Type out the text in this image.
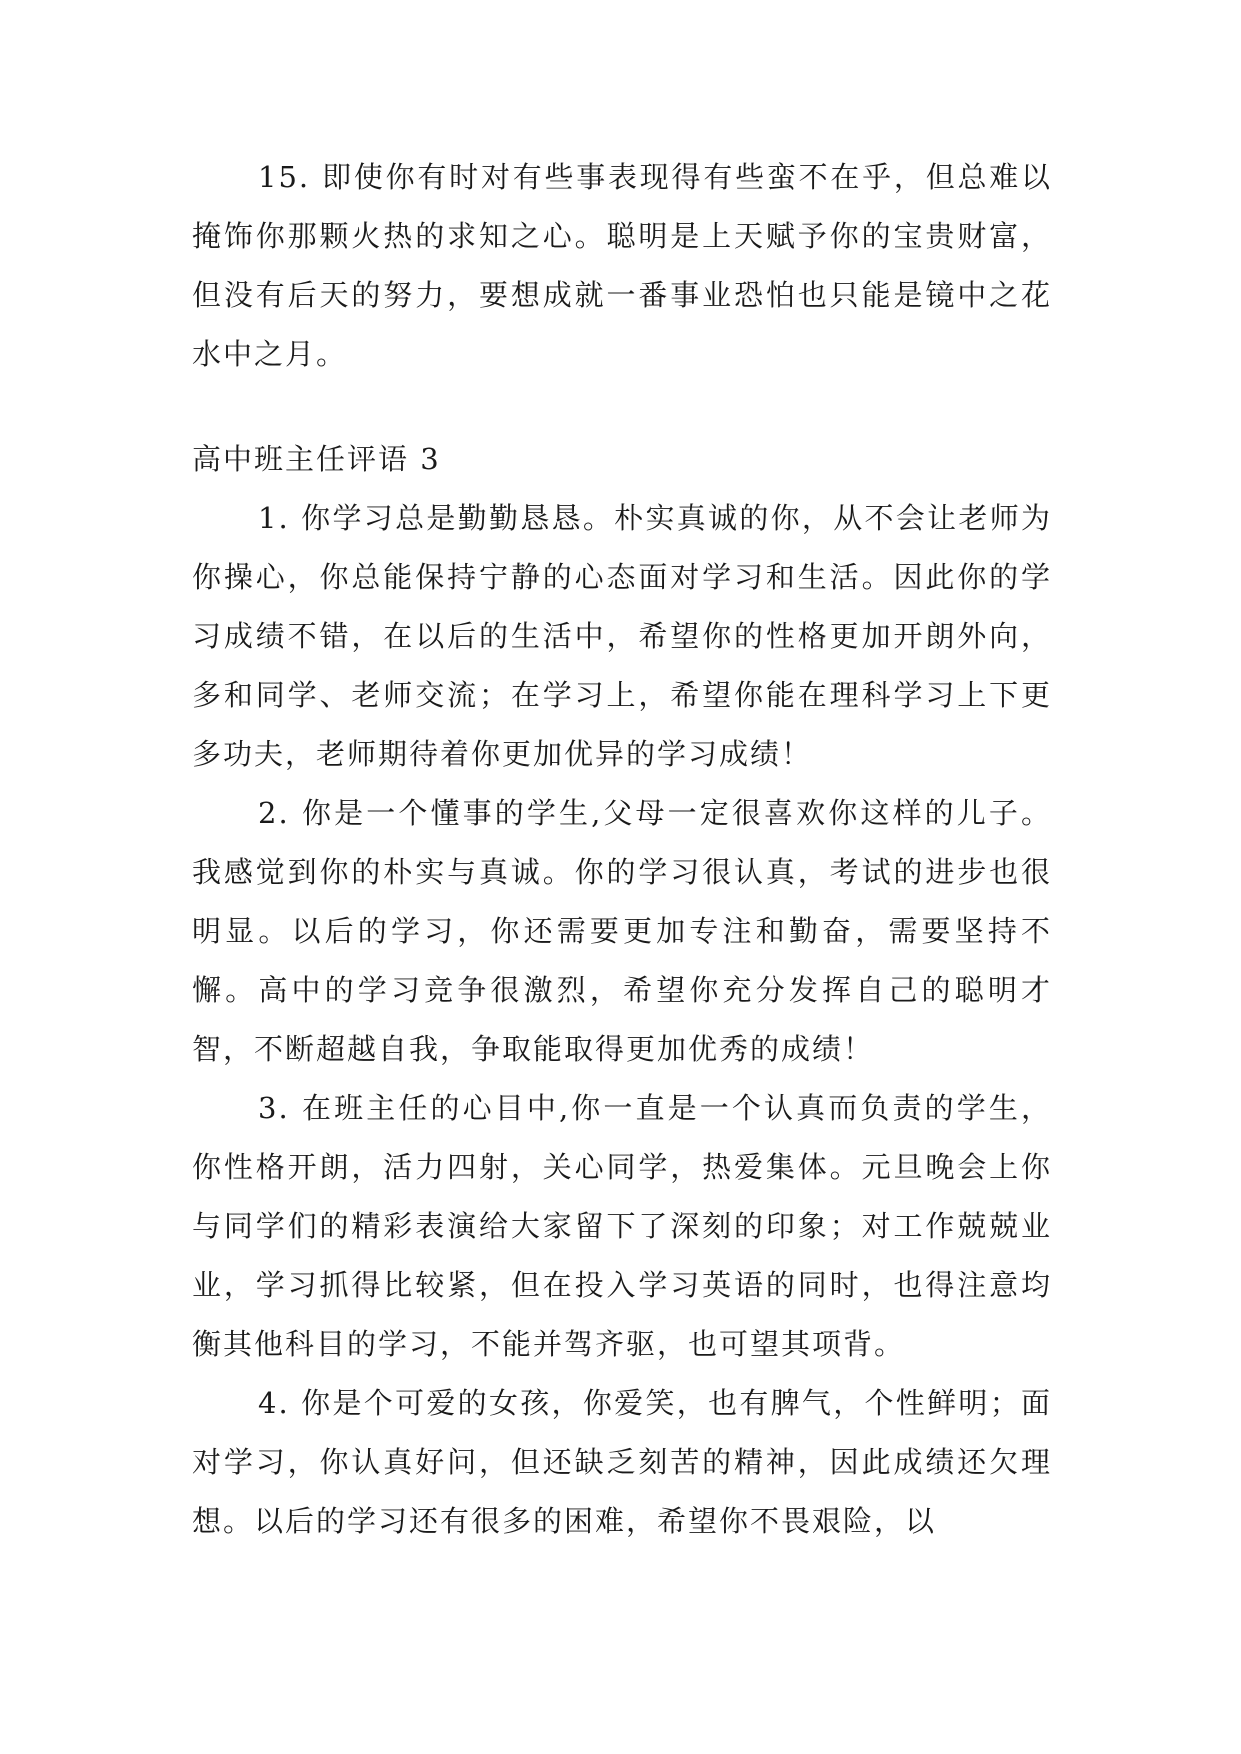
15. 即使你有时对有些事表现得有些蛮不在乎，但总难以掩饰你那颗火热的求知之心。聪明是上天赋予你的宝贵财富，但没有后天的努力，要想成就一番事业恐怕也只能是镜中之花水中之月。

高中班主任评语 3

1. 你学习总是勤勤恳恳。朴实真诚的你，从不会让老师为你操心，你总能保持宁静的心态面对学习和生活。因此你的学习成绩不错，在以后的生活中，希望你的性格更加开朗外向，多和同学、老师交流；在学习上，希望你能在理科学习上下更多功夫，老师期待着你更加优异的学习成绩！

2. 你是一个懂事的学生,父母一定很喜欢你这样的儿子。我感觉到你的朴实与真诚。你的学习很认真，考试的进步也很明显。以后的学习，你还需要更加专注和勤奋，需要坚持不懈。高中的学习竞争很激烈，希望你充分发挥自己的聪明才智，不断超越自我，争取能取得更加优秀的成绩！

3. 在班主任的心目中,你一直是一个认真而负责的学生，你性格开朗，活力四射，关心同学，热爱集体。元旦晚会上你与同学们的精彩表演给大家留下了深刻的印象；对工作兢兢业业，学习抓得比较紧，但在投入学习英语的同时，也得注意均衡其他科目的学习，不能并驾齐驱，也可望其项背。

4. 你是个可爱的女孩，你爱笑，也有脾气，个性鲜明；面对学习，你认真好问，但还缺乏刻苦的精神，因此成绩还欠理想。以后的学习还有很多的困难，希望你不畏艰险，以
